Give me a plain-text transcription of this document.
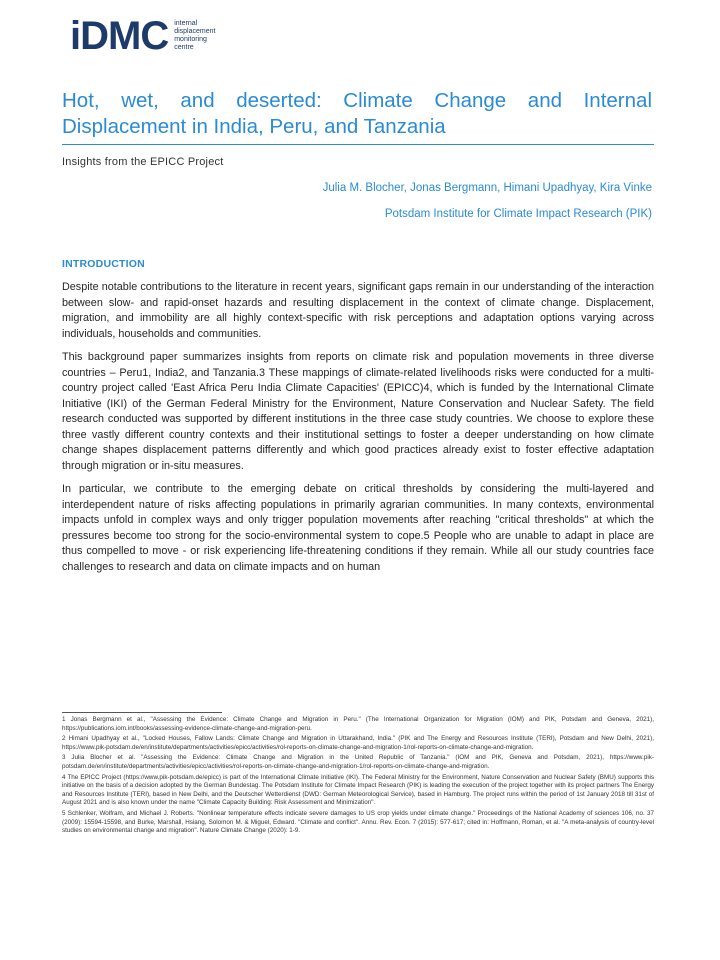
iDMC internal
displacement
monitoring
centre
Hot, wet, and deserted: Climate Change and Internal Displacement in India, Peru, and Tanzania
Insights from the EPICC Project
Julia M. Blocher, Jonas Bergmann, Himani Upadhyay, Kira Vinke
Potsdam Institute for Climate Impact Research (PIK)
INTRODUCTION

Despite notable contributions to the literature in recent years, significant gaps remain in our understanding of the interaction between slow- and rapid-onset hazards and resulting displacement in the context of climate change. Displacement, migration, and immobility are all highly context-specific with risk perceptions and adaptation options varying across individuals, households and communities.

This background paper summarizes insights from reports on climate risk and population movements in three diverse countries – Peru1, India2, and Tanzania.3 These mappings of climate-related livelihoods risks were conducted for a multi-country project called 'East Africa Peru India Climate Capacities' (EPICC)4, which is funded by the International Climate Initiative (IKI) of the German Federal Ministry for the Environment, Nature Conservation and Nuclear Safety. The field research conducted was supported by different institutions in the three case study countries. We choose to explore these three vastly different country contexts and their institutional settings to foster a deeper understanding on how climate change shapes displacement patterns differently and which good practices already exist to foster effective adaptation through migration or in-situ measures.

In particular, we contribute to the emerging debate on critical thresholds by considering the multi-layered and interdependent nature of risks affecting populations in primarily agrarian communities. In many contexts, environmental impacts unfold in complex ways and only trigger population movements after reaching "critical thresholds" at which the pressures become too strong for the socio-environmental system to cope.5 People who are unable to adapt in place are thus compelled to move - or risk experiencing life-threatening conditions if they remain. While all our study countries face challenges to research and data on climate impacts and on human

1 Jonas Bergmann et al., "Assessing the Evidence: Climate Change and Migration in Peru." (The International Organization for Migration (IOM) and PIK, Potsdam and Geneva, 2021), https://publications.iom.int/books/assessing-evidence-climate-change-and-migration-peru.

2 Himani Upadhyay et al., "Locked Houses, Fallow Lands: Climate Change and Migration in Uttarakhand, India." (PIK and The Energy and Resources Institute (TERI), Potsdam and New Delhi, 2021), https://www.pik-potsdam.de/en/institute/departments/activities/epicc/activities/rol-reports-on-climate-change-and-migration-1/rol-reports-on-climate-change-and-migration.

3 Julia Blocher et al. "Assessing the Evidence: Climate Change and Migration in the United Republic of Tanzania." (IOM and PIK, Geneva and Potsdam, 2021), https://www.pik-potsdam.de/en/institute/departments/activities/epicc/activities/rol-reports-on-climate-change-and-migration-1/rol-reports-on-climate-change-and-migration.

4 The EPICC Project (https://www.pik-potsdam.de/epicc) is part of the International Climate Initiative (IKI). The Federal Ministry for the Environment, Nature Conservation and Nuclear Safety (BMU) supports this initiative on the basis of a decision adopted by the German Bundestag. The Potsdam Institute for Climate Impact Research (PIK) is leading the execution of the project together with its project partners The Energy and Resources Institute (TERI), based in New Delhi, and the Deutscher Wetterdienst (DWD: German Meteorological Service), based in Hamburg. The project runs within the period of 1st January 2018 till 31st of August 2021 and is also known under the name "Climate Capacity Building: Risk Assessment and Minimization".

5 Schlenker, Wolfram, and Michael J. Roberts. "Nonlinear temperature effects indicate severe damages to US crop yields under climate change." Proceedings of the National Academy of sciences 106, no. 37 (2009): 15594-15598, and Burke, Marshall, Hsiang, Solomon M. & Miguel, Edward. "Climate and conflict". Annu. Rev. Econ. 7 (2015): 577-617; cited in: Hoffmann, Roman, et al. "A meta-analysis of country-level studies on environmental change and migration". Nature Climate Change (2020): 1-9.
